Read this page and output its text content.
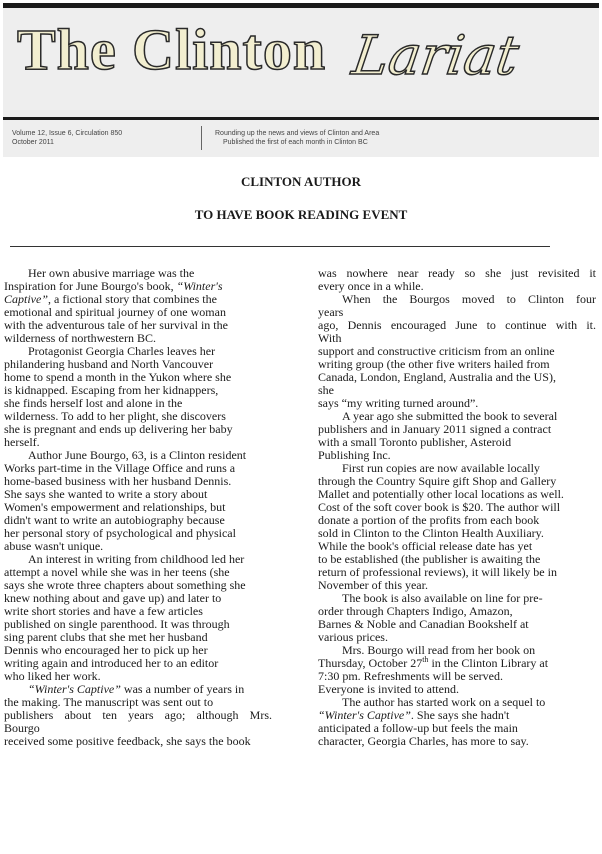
The Clinton Lariat
Volume 12, Issue 6, Circulation 850
October 2011
Rounding up the news and views of Clinton and Area
Published the first of each month in Clinton BC
CLINTON AUTHOR
TO HAVE BOOK READING EVENT

Her own abusive marriage was the
Inspiration for June Bourgo's book, “Winter's
Captive”, a fictional story that combines the
emotional and spiritual journey of one woman
with the adventurous tale of her survival in the
wilderness of northwestern BC.

Protagonist Georgia Charles leaves her
philandering husband and North Vancouver
home to spend a month in the Yukon where she
is kidnapped. Escaping from her kidnappers,
she finds herself lost and alone in the
wilderness. To add to her plight, she discovers
she is pregnant and ends up delivering her baby
herself.

Author June Bourgo, 63, is a Clinton resident
Works part-time in the Village Office and runs a
home-based business with her husband Dennis.
She says she wanted to write a story about
Women's empowerment and relationships, but
didn't want to write an autobiography because
her personal story of psychological and physical
abuse wasn't unique.

An interest in writing from childhood led her
attempt a novel while she was in her teens (she
says she wrote three chapters about something she
knew nothing about and gave up) and later to
write short stories and have a few articles
published on single parenthood. It was through
sing parent clubs that she met her husband
Dennis who encouraged her to pick up her
writing again and introduced her to an editor
who liked her work.

“Winter's Captive” was a number of years in
the making. The manuscript was sent out to
publishers about ten years ago; although Mrs.
Bourgo
received some positive feedback, she says the book

was nowhere near ready so she just revisited it
every once in a while.

When the Bourgos moved to Clinton four
years
ago, Dennis encouraged June to continue with it.
With
support and constructive criticism from an online
writing group (the other five writers hailed from
Canada, London, England, Australia and the US),
she
says “my writing turned around”.

A year ago she submitted the book to several
publishers and in January 2011 signed a contract
with a small Toronto publisher, Asteroid
Publishing Inc.

First run copies are now available locally
through the Country Squire gift Shop and Gallery
Mallet and potentially other local locations as well.
Cost of the soft cover book is $20. The author will
donate a portion of the profits from each book
sold in Clinton to the Clinton Health Auxiliary.
While the book's official release date has yet
to be established (the publisher is awaiting the
return of professional reviews), it will likely be in
November of this year.

The book is also available on line for pre-
order through Chapters Indigo, Amazon,
Barnes & Noble and Canadian Bookshelf at
various prices.

Mrs. Bourgo will read from her book on
Thursday, October 27th in the Clinton Library at
7:30 pm. Refreshments will be served.
Everyone is invited to attend.

The author has started work on a sequel to
“Winter's Captive”. She says she hadn't
anticipated a follow-up but feels the main
character, Georgia Charles, has more to say.
